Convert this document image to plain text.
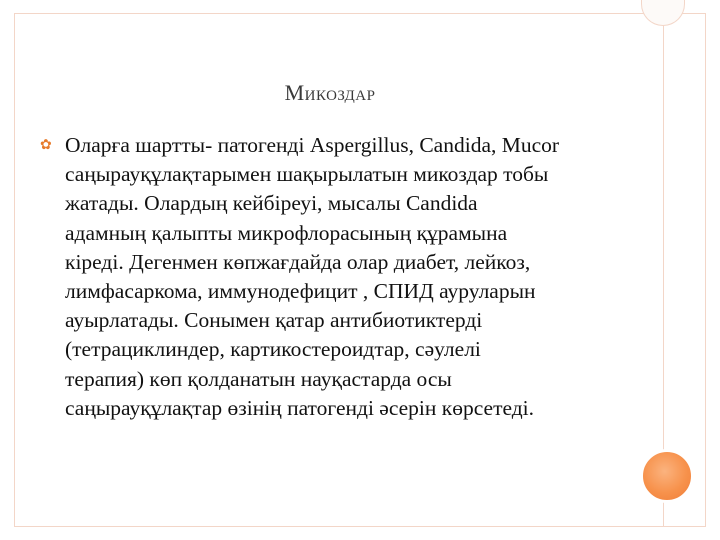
Микоздар
✿ Оларға шартты- патогенді Aspergillus, Candida, Mucor
саңырауқұлақтарымен шақырылатын микоздар тобы
жатады. Олардың кейбіреуі, мысалы Candida
адамның қалыпты микрофлорасының құрамына
кіреді. Дегенмен көпжағдайда олар диабет, лейкоз,
лимфасаркома, иммунодефицит , СПИД ауруларын
ауырлатады. Сонымен қатар антибиотиктерді
(тетрациклиндер, картикостероидтар, сәулелі
терапия) көп қолданатын науқастарда осы
саңырауқұлақтар өзінің патогенді әсерін көрсетеді.
